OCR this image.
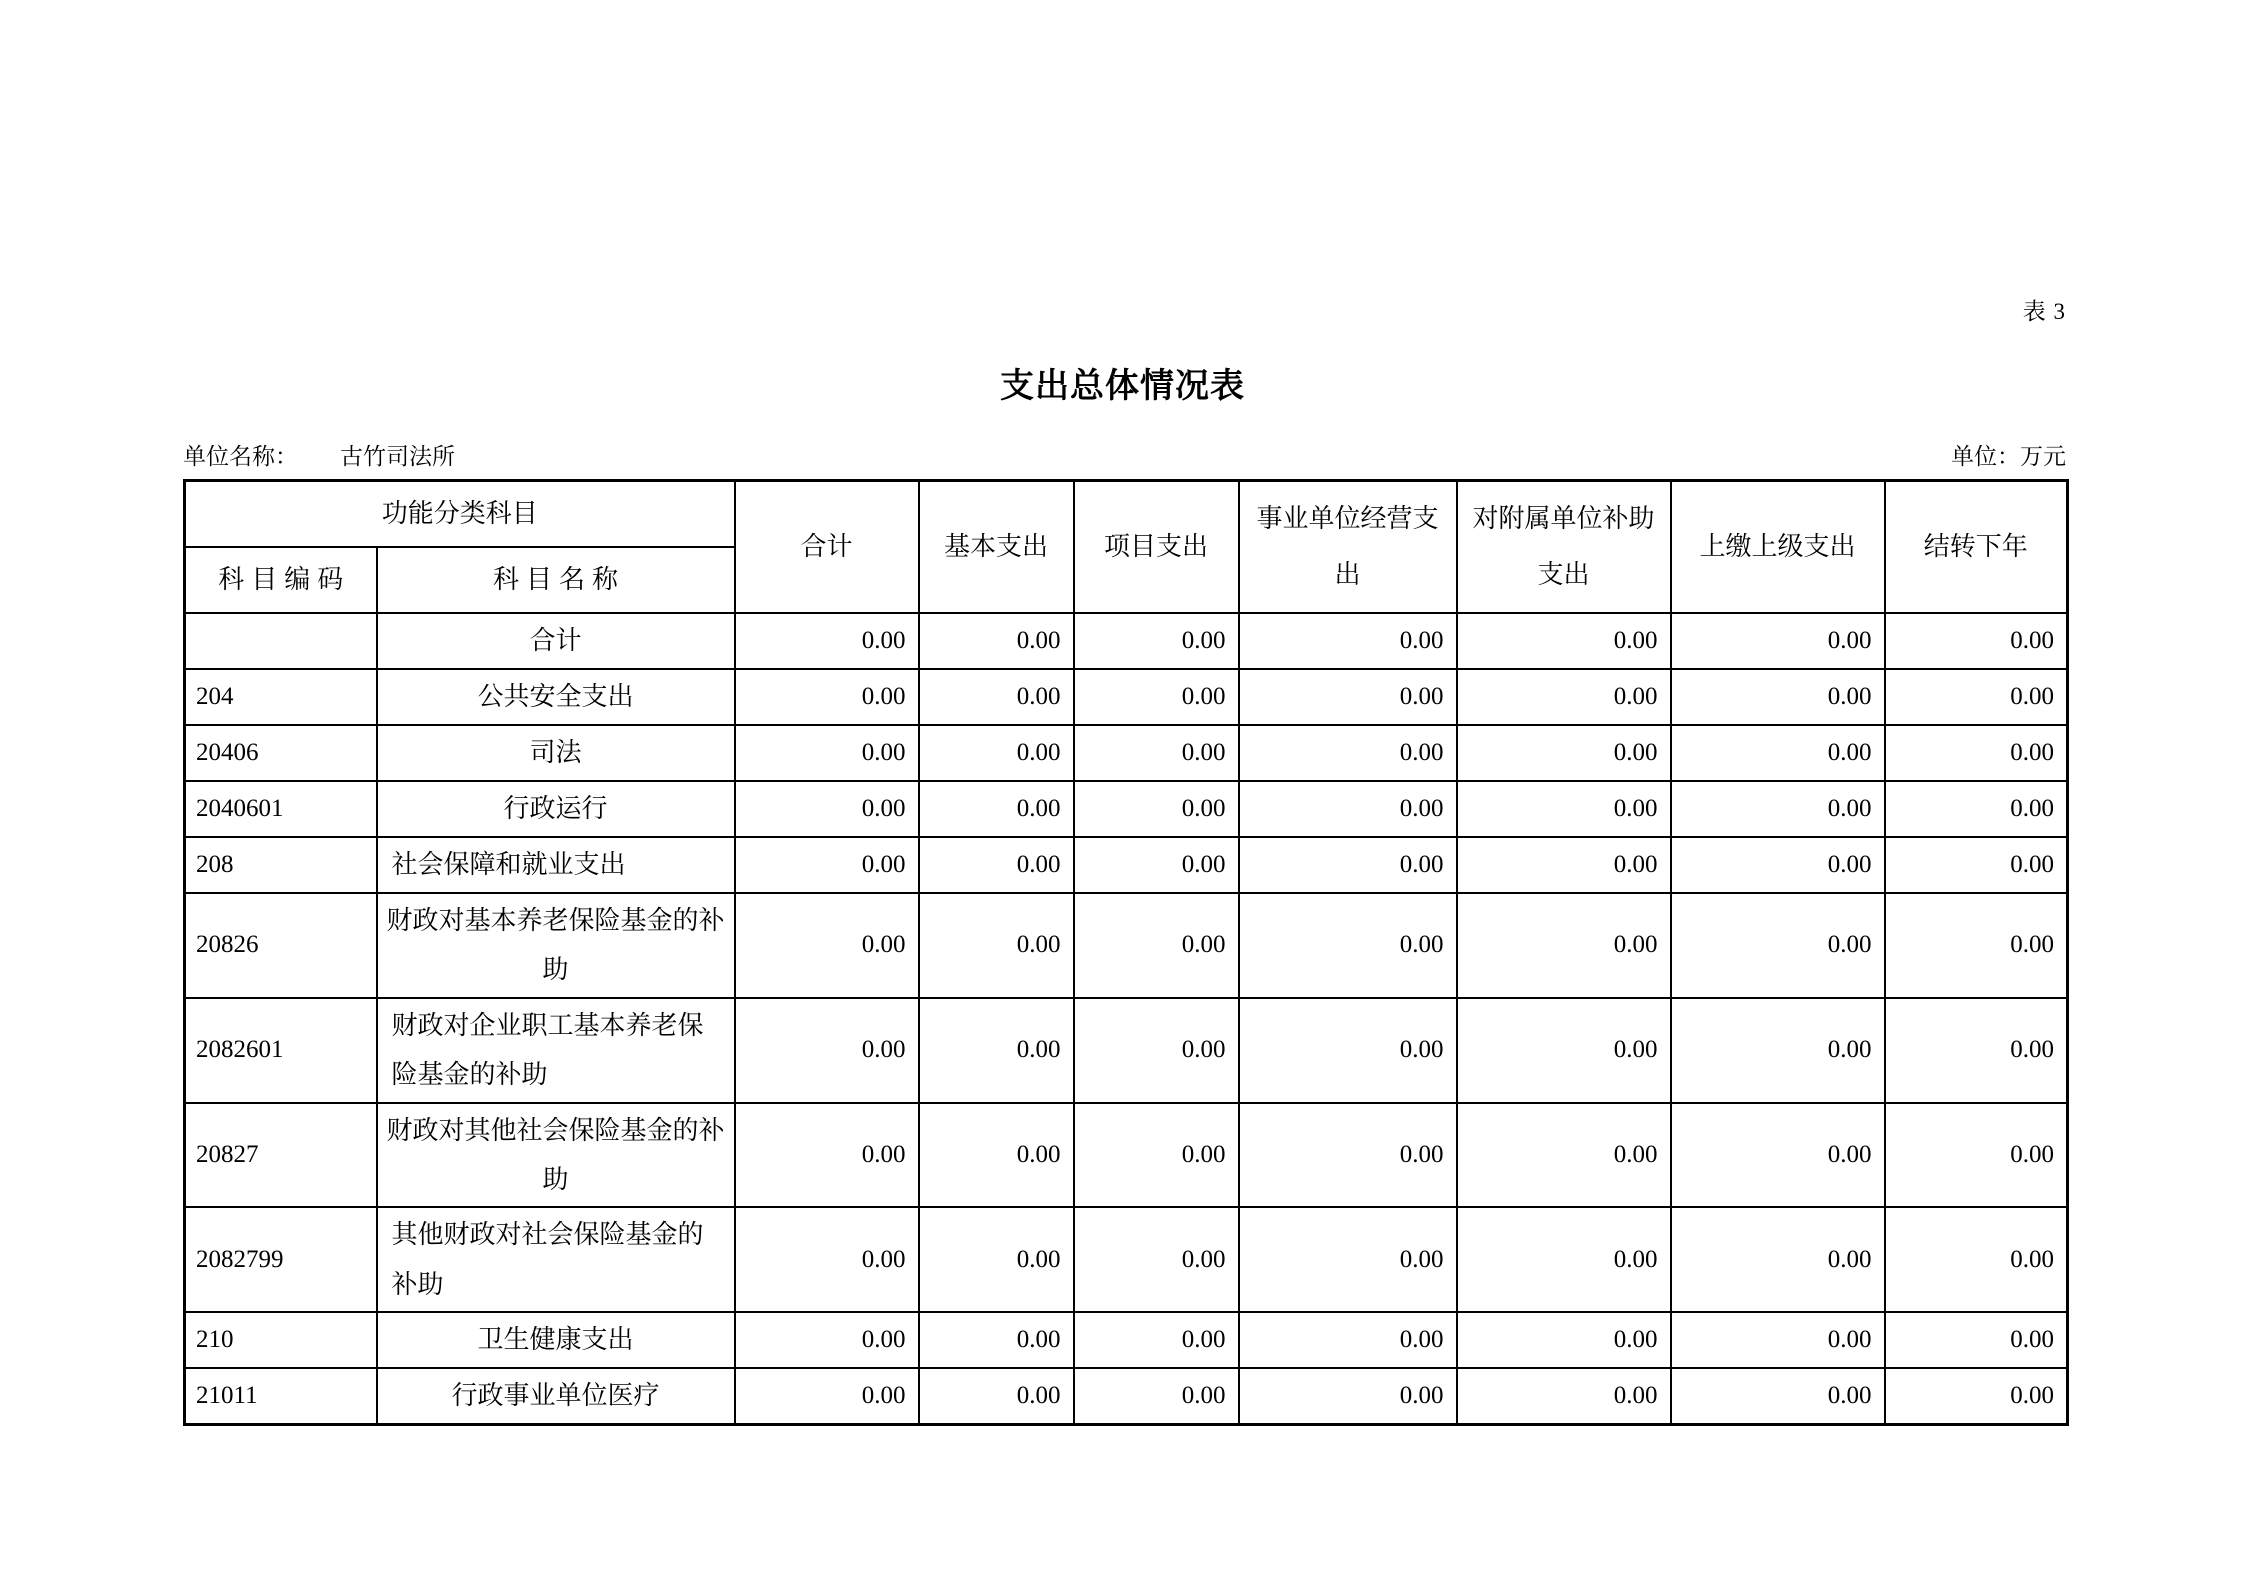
表 3
支出总体情况表
单位名称： 古竹司法所	单位：万元
功能分类科目		合计	基本支出	项目支出	事业单位经营支出	对附属单位补助支出	上缴上级支出	结转下年
科目编码	科目名称							
	合计	0.00	0.00	0.00	0.00	0.00	0.00	0.00
204	公共安全支出	0.00	0.00	0.00	0.00	0.00	0.00	0.00
20406	司法	0.00	0.00	0.00	0.00	0.00	0.00	0.00
2040601	行政运行	0.00	0.00	0.00	0.00	0.00	0.00	0.00
208	社会保障和就业支出	0.00	0.00	0.00	0.00	0.00	0.00	0.00
20826	财政对基本养老保险基金的补助	0.00	0.00	0.00	0.00	0.00	0.00	0.00
2082601	财政对企业职工基本养老保险基金的补助	0.00	0.00	0.00	0.00	0.00	0.00	0.00
20827	财政对其他社会保险基金的补助	0.00	0.00	0.00	0.00	0.00	0.00	0.00
2082799	其他财政对社会保险基金的补助	0.00	0.00	0.00	0.00	0.00	0.00	0.00
210	卫生健康支出	0.00	0.00	0.00	0.00	0.00	0.00	0.00
21011	行政事业单位医疗	0.00	0.00	0.00	0.00	0.00	0.00	0.00
